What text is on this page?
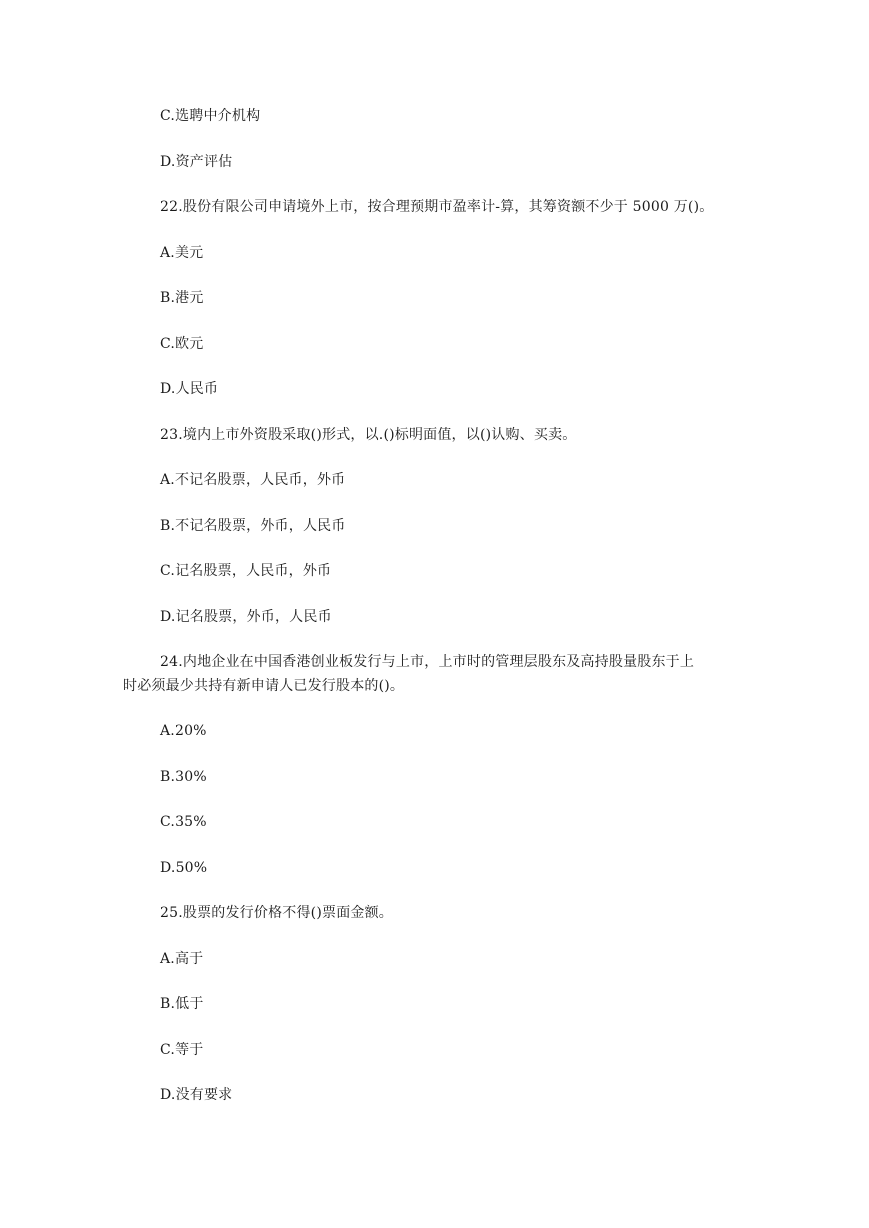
C.选聘中介机构
D.资产评估
22.股份有限公司申请境外上市，按合理预期市盈率计-算，其筹资额不少于 5000 万()。
A.美元
B.港元
C.欧元
D.人民币
23.境内上市外资股采取()形式，以.()标明面值，以()认购、买卖。
A.不记名股票，人民币，外币
B.不记名股票，外币，人民币
C.记名股票，人民币，外币
D.记名股票，外币，人民币
24.内地企业在中国香港创业板发行与上市，上市时的管理层股东及高持股量股东于上
时必须最少共持有新申请人已发行股本的()。
A.20%
B.30%
C.35%
D.50%
25.股票的发行价格不得()票面金额。
A.高于
B.低于
C.等于
D.没有要求
